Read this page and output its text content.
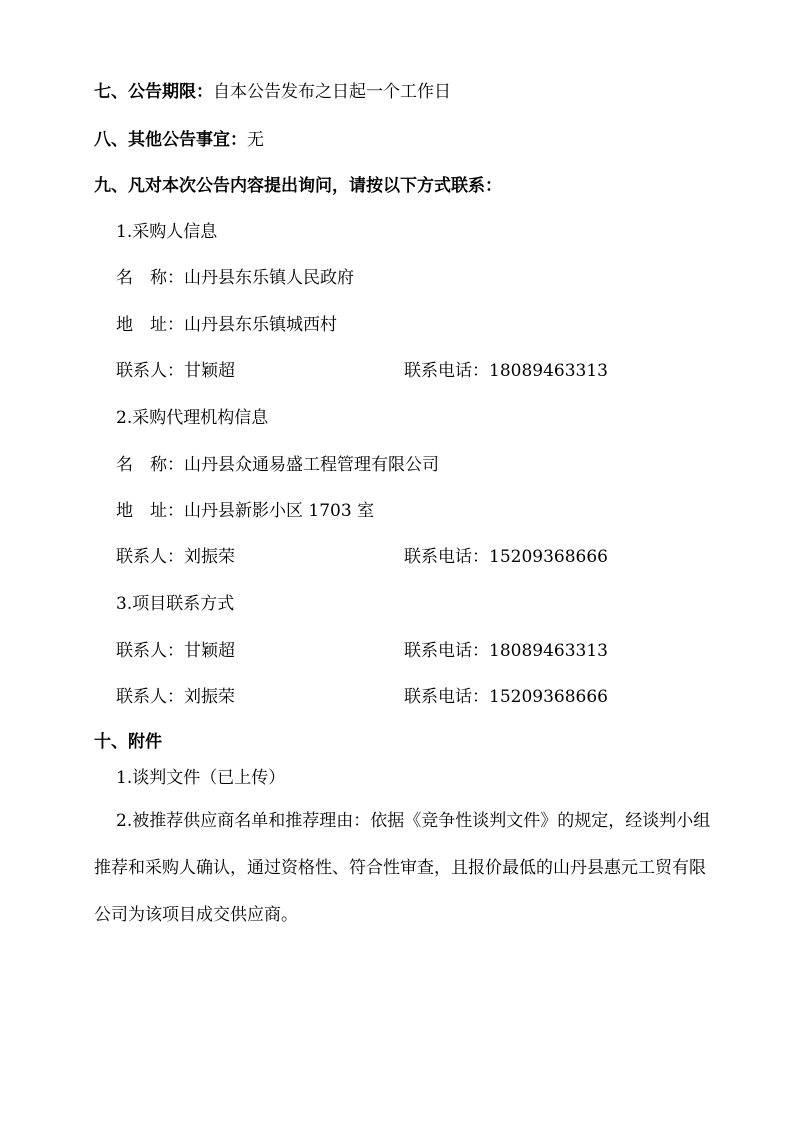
七、公告期限：自本公告发布之日起一个工作日
八、其他公告事宜：无
九、凡对本次公告内容提出询问，请按以下方式联系：
1.采购人信息
名　称：山丹县东乐镇人民政府
地　址：山丹县东乐镇城西村
联系人：甘颖超	联系电话：18089463313
2.采购代理机构信息
名　称：山丹县众通易盛工程管理有限公司
地　址：山丹县新影小区 1703 室
联系人：刘振荣	联系电话：15209368666
3.项目联系方式
联系人：甘颖超	联系电话：18089463313
联系人：刘振荣	联系电话：15209368666
十、附件
1.谈判文件（已上传）
2.被推荐供应商名单和推荐理由：依据《竞争性谈判文件》的规定，经谈判小组推荐和采购人确认，通过资格性、符合性审查，且报价最低的山丹县惠元工贸有限公司为该项目成交供应商。
